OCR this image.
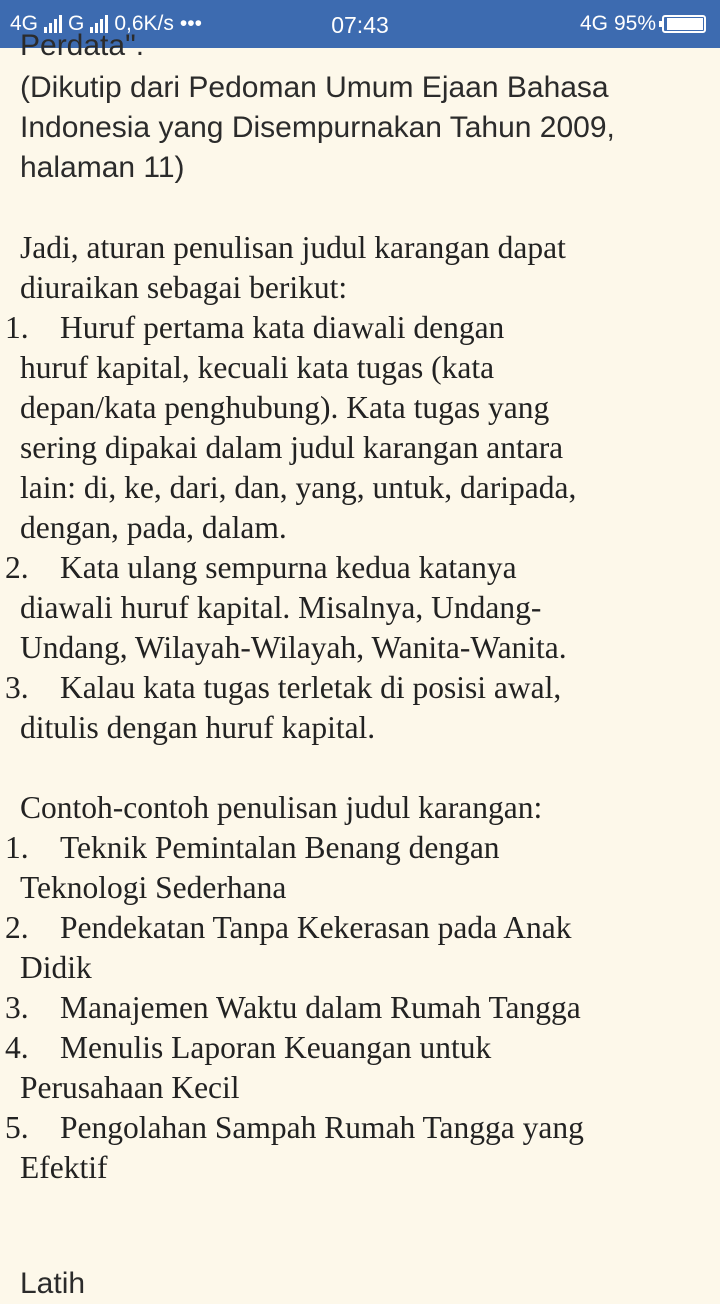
4G G 0,6K/s •••	07:43	4G 95%
Perdata".

(Dikutip dari Pedoman Umum Ejaan Bahasa
Indonesia yang Disempurnakan Tahun 2009,
halaman 11)

Jadi, aturan penulisan judul karangan dapat
diuraikan sebagai berikut:

1. Huruf pertama kata diawali dengan
huruf kapital, kecuali kata tugas (kata
depan/kata penghubung). Kata tugas yang
sering dipakai dalam judul karangan antara
lain: di, ke, dari, dan, yang, untuk, daripada,
dengan, pada, dalam.

2. Kata ulang sempurna kedua katanya
diawali huruf kapital. Misalnya, Undang-
Undang, Wilayah-Wilayah, Wanita-Wanita.

3. Kalau kata tugas terletak di posisi awal,
ditulis dengan huruf kapital.

Contoh-contoh penulisan judul karangan:

1. Teknik Pemintalan Benang dengan
Teknologi Sederhana

2. Pendekatan Tanpa Kekerasan pada Anak
Didik

3. Manajemen Waktu dalam Rumah Tangga

4. Menulis Laporan Keuangan untuk
Perusahaan Kecil

5. Pengolahan Sampah Rumah Tangga yang
Efektif

Latih
